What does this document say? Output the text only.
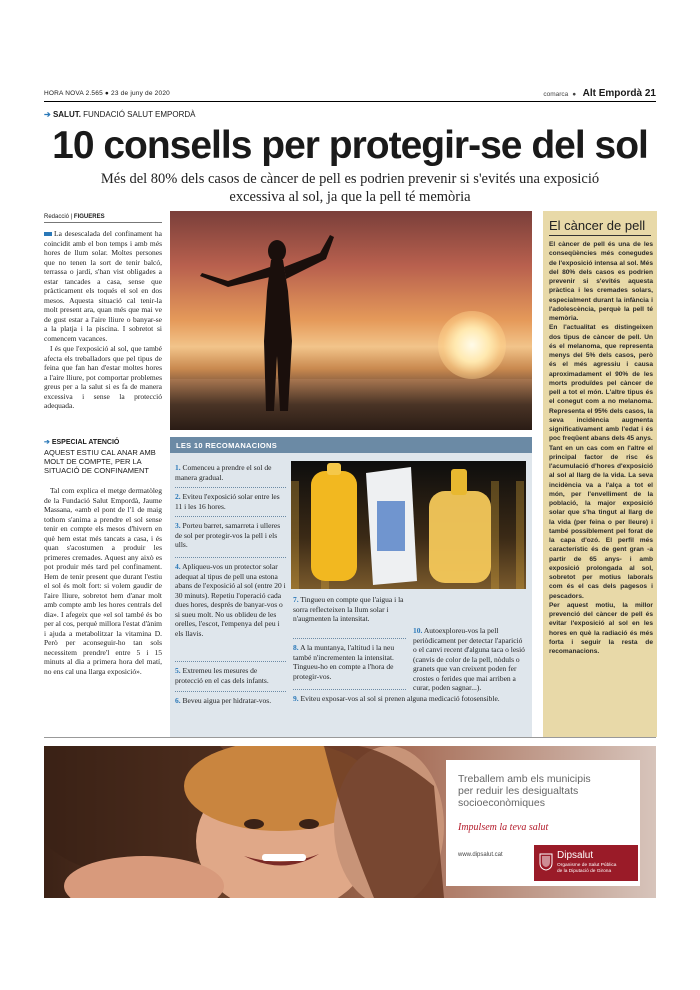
HORA NOVA 2.565 ● 23 de juny de 2020	comarca ● Alt Empordà 21
➔ SALUT. FUNDACIÓ SALUT EMPORDÀ
10 consells per protegir-se del sol
Més del 80% dels casos de càncer de pell es podrien prevenir si s'evités una exposició excessiva al sol, ja que la pell té memòria
Redacció | FIGUERES

La desescalada del confinament ha coincidit amb el bon temps i amb més hores de llum solar. Moltes persones que no tenen la sort de tenir balcó, terrassa o jardí, s'han vist obligades a estar tancades a casa, sense que pràcticament els toqués el sol en dos mesos. Aquesta situació cal tenir-la molt present ara, quan més que mai ve de gust estar a l'aire lliure o banyar-se a la platja i la piscina. I sobretot si comencem vacances.

I és que l'exposició al sol, que també afecta els treballadors que pel tipus de feina que fan han d'estar moltes hores a l'aire lliure, pot comportar problemes greus per a la salut si es fa de manera excessiva i sense la protecció adequada.

➔ ESPECIAL ATENCIÓ
AQUEST ESTIU CAL ANAR AMB MOLT DE COMPTE, PER LA SITUACIÓ DE CONFINAMENT

Tal com explica el metge dermatòleg de la Fundació Salut Empordà, Jaume Massana, «amb el pont de l'1 de maig tothom s'anima a prendre el sol sense tenir en compte els mesos d'hivern en què hem estat més tancats a casa, i és quan s'acostumen a produir les primeres cremades. Aquest any això es pot produir més tard pel confinament. Hem de tenir present que durant l'estiu el sol és molt fort: si volem gaudir de l'aire lliure, sobretot hem d'anar molt amb compte amb les hores centrals del dia». I afegeix que «el sol també és bo per al cos, perquè millora l'estat d'ànim i ajuda a metabolitzar la vitamina D. Però per aconseguir-ho tan sols necessitem prendre'l entre 5 i 15 minuts al dia a primera hora del matí, no ens cal una llarga exposició».

LES 10 RECOMANACIONS
1. Comenceu a prendre el sol de manera gradual.
2. Eviteu l'exposició solar entre les 11 i les 16 hores.
3. Porteu barret, samarreta i ulleres de sol per protegir-vos la pell i els ulls.
4. Apliqueu-vos un protector solar adequat al tipus de pell una estona abans de l'exposició al sol (entre 20 i 30 minuts). Repetiu l'operació cada dues hores, després de banyar-vos o si sueu molt. No us oblideu de les orelles, l'escot, l'empenya del peu i els llavis.
5. Extremeu les mesures de protecció en el cas dels infants.
6. Beveu aigua per hidratar-vos.
7. Tingueu en compte que l'aigua i la sorra reflecteixen la llum solar i n'augmenten la intensitat.
8. A la muntanya, l'altitud i la neu també n'incrementen la intensitat. Tingueu-ho en compte a l'hora de protegir-vos.
9. Eviteu exposar-vos al sol si prenen alguna medicació fotosensible.
10. Autoexploreu-vos la pell periòdicament per detectar l'aparició o el canvi recent d'alguna taca o lesió (canvis de color de la pell, nòduls o granets que van creixent poden fer crostes o ferides que mai arriben a curar, poden sagnar...).
El càncer de pell
El càncer de pell és una de les conseqüències més conegudes de l'exposició intensa al sol. Més del 80% dels casos es podrien prevenir si s'evités aquesta pràctica i les cremades solars, especialment durant la infància i l'adolescència, perquè la pell té memòria.
En l'actualitat es distingeixen dos tipus de càncer de pell. Un és el melanoma, que representa menys del 5% dels casos, però és el més agressiu i causa aproximadament el 90% de les morts produïdes pel càncer de pell a tot el món. L'altre tipus és el conegut com a no melanoma. Representa el 95% dels casos, la seva incidència augmenta significativament amb l'edat i és poc freqüent abans dels 45 anys.
Tant en un cas com en l'altre el principal factor de risc és l'acumulació d'hores d'exposició al sol al llarg de la vida. La seva incidència va a l'alça a tot el món, per l'envelliment de la població, la major exposició solar que s'ha tingut al llarg de la vida (per feina o per lleure) i també possiblement pel forat de la capa d'ozó. El perfil més característic és de gent gran -a partir de 65 anys- i amb exposició prolongada al sol, sobretot per motius laborals com és el cas dels pagesos i pescadors.
Per aquest motiu, la millor prevenció del càncer de pell és evitar l'exposició al sol en les hores en què la radiació és més forta i seguir la resta de recomanacions.
Treballem amb els municipis
per reduir les desigualtats
socioeconòmiques
Impulsem la teva salut
www.dipsalut.cat	Dipsalut
Organisme de Salut Pública
de la Diputació de Girona
